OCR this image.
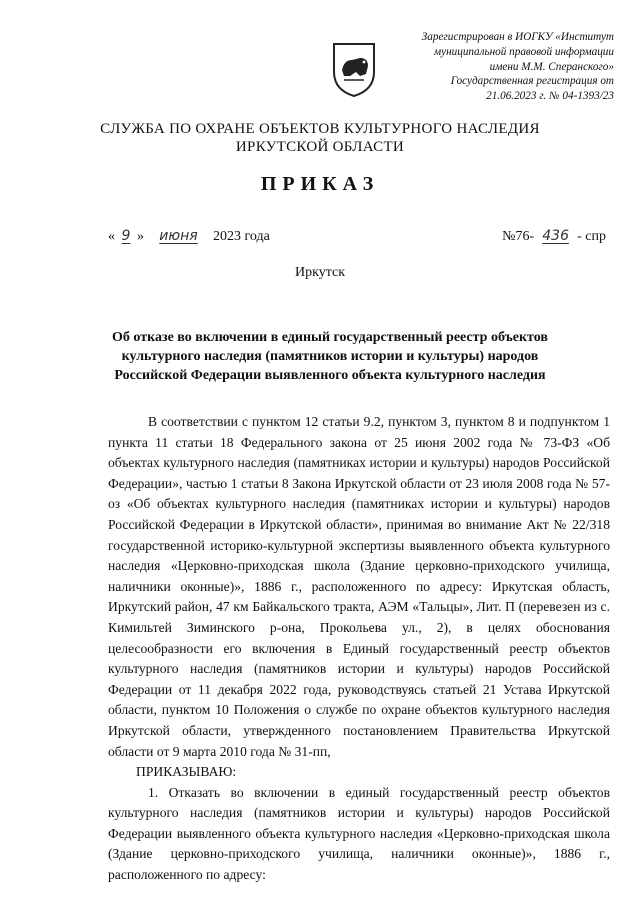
Зарегистрирован в ИОГКУ «Институт
муниципальной правовой информации
имени М.М. Сперанского»
Государственная регистрация от
21.06.2023 г. № 04-1393/23
СЛУЖБА ПО ОХРАНЕ ОБЪЕКТОВ КУЛЬТУРНОГО НАСЛЕДИЯ
ИРКУТСКОЙ ОБЛАСТИ
ПРИКАЗ
« 9 » июня 2023 года	№76- 436 - спр
Иркутск
Об отказе во включении в единый государственный реестр объектов культурного наследия (памятников истории и культуры) народов Российской Федерации выявленного объекта культурного наследия

В соответствии с пунктом 12 статьи 9.2, пунктом 3, пунктом 8 и подпунктом 1 пункта 11 статьи 18 Федерального закона от 25 июня 2002 года № 73-ФЗ «Об объектах культурного наследия (памятниках истории и культуры) народов Российской Федерации», частью 1 статьи 8 Закона Иркутской области от 23 июля 2008 года № 57-оз «Об объектах культурного наследия (памятниках истории и культуры) народов Российской Федерации в Иркутской области», принимая во внимание Акт № 22/318 государственной историко-культурной экспертизы выявленного объекта культурного наследия «Церковно-приходская школа (Здание церковно-приходского училища, наличники оконные)», 1886 г., расположенного по адресу: Иркутская область, Иркутский район, 47 км Байкальского тракта, АЭМ «Тальцы», Лит. П (перевезен из с. Кимильтей Зиминского р-она, Прокольева ул., 2), в целях обоснования целесообразности его включения в Единый государственный реестр объектов культурного наследия (памятников истории и культуры) народов Российской Федерации от 11 декабря 2022 года, руководствуясь статьей 21 Устава Иркутской области, пунктом 10 Положения о службе по охране объектов культурного наследия Иркутской области, утвержденного постановлением Правительства Иркутской области от 9 марта 2010 года № 31-пп,

ПРИКАЗЫВАЮ:

1. Отказать во включении в единый государственный реестр объектов культурного наследия (памятников истории и культуры) народов Российской Федерации выявленного объекта культурного наследия «Церковно-приходская школа (Здание церковно-приходского училища, наличники оконные)», 1886 г., расположенного по адресу:
